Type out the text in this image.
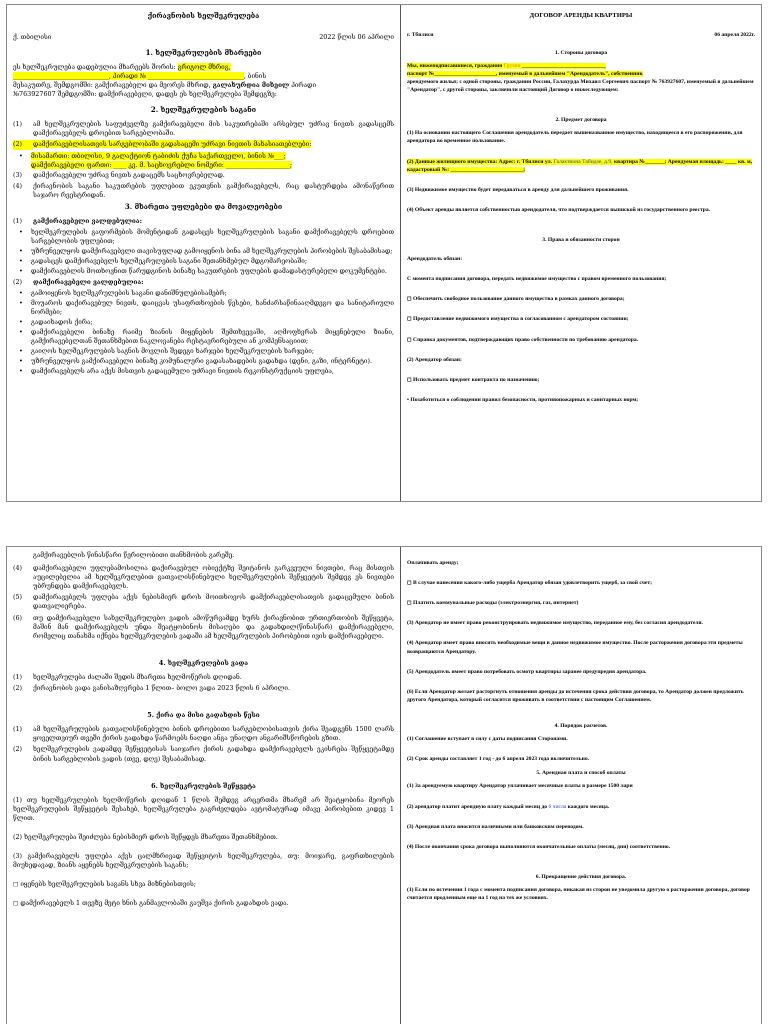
ქირავნობის ხელშეკრულება
ქ. თბილისი	2022 წლის 06 აპრილი
1. ხელშეკრულების მხარეები

ეს ხელშეკრულება დადებულია მხარეებს შორის: გრიგოლ მხრიგ,
______________________________, პირადი № ______________________________, ბინის
მესაკუთრე, შემდგომში: გამქირავებელი და მეორეს მხრიდ, გალახურდია მიხეილ პირადი
№763927607 შემდგომში: დამქირავებელი, დადეს ეს ხელშეკრულება შემდეგზე:

2. ხელშეკრულების საგანი
(1)	ამ ხელშეკრულების საფუძველზე გამქირავებელი მის საკუთრებაში არსებულ უძრავ ნივთს გადასცემს დამქირავებელს დროებით სარგებლობაში.
(2)	დამქირავებლისათვის სარგებლობაში გადასაცემი უძრავი ნივთის მახასიათებლები:
•	მისამართი: თბილისი, 9 გალაქტიონ ტაბიძის ქუჩა საქართველო, ბინის №___;
დამქირავებელი ფართი: ____ კვ. მ. საცხოვრებლი ნომერი: ____________________;
(3)	დამქირავებელი უძრავ ნივთს გადაცემს საცხოვრებელად.
(4)	ქირავნობის საგანი საკუთრების უფლებით ეკუთვნის გამქირავებელს, რაც დასტურდება ამონაწერით საჯარო რეესტრიდან.
3. მხარეთა უფლებები და მოვალეობები
(1)	გამქირავებელი ვალდებულია:
•	ხელშეკრულების გაფორმების მომენტიდან გადასცეს ხელშეკრულების საგანი დამქირავებელს დროებით სარგებლობის უფლებით;
•	უზრუნველყოს დამქირავებელი თავისუფლად გამოიყენოს ბინა ამ ხელშეკრულების პირობების შესაბამისად;
•	გადასცეს დამქირავებელს ხელშეკრულების საგანი შეთანხმებულ მდგომარეობაში;
•	დამქირავებლის მოთხოვნით წარუდგინოს ბინაზე საკუთრების უფლების დამადასტურებელი დოკუმენტები.
(2)	დამქირავებელი ვალდებულია:
•	გამოიყენოს ხელშეკრულების საგანი დანიშნულებისამებრ;
•	მოუაროს დაქირავებულ ნივთს, დაიცვას უსაფრთხოების წესები, ხანძარსაწინააღმდეგო და სანიტარიული ნორმები;
•	გადაიხადოს ქირა;
•	დამქირავებელი ბინაზე რაიმე ზიანის მიყენების შემთხვევაში, აღმოფხვრას მიყენებული ზიანი, გამქირავებელთან შეთანხმებით ნაკლოვანება რესტავრირებული ან კომპენსაციით;
•	გაიღოს ხელშეკრულების საგნის მოვლის შედეგი ხარჯები ხელშეკრულების ხარჯები;
•	უზრუნველყოს გამქირავებელი ბინაზე კომუნალური გადასახადების გადახდა (დენი, გაზი, ინტერნეტი).
•	დამქირავებელს არა აქვს მისთვის გადაცემული უძრავი ნივთის რეკონსტრუქციის უფლება,
ДОГОВОР АРЕНДЫ КВАРТИРЫ
г. Тбилиси	06 апреля 2022г.
1. Стороны договора

Мы, нижеподписавшиеся, гражданин Грузии ______________________________
паспорт №______________________, именуемый в дальнейшем "Арендодатель", собственник
арендуемого жилья; с одной стороны, гражданин России, Галахурда Михаил Сергеевич паспорт № 763927607, именуемый в дальнейшем "Арендатор", с другой стороны, заключили настоящий Договор о нижеследующем:

2. Предмет договора

(1) На основании настоящего Соглашения арендодатель передает вышеназванное имущество, находящееся в его распоряжении, для арендатора во временное пользование.

(2) Данные жилищного имущества: Адрес: г. Тбилиси ул. Галактиона Табидзе, д.9, квартира №_______; Арендуемая площадь: ____ кв. м, кадастровый №: __________________________;

(3) Недвижимое имущество будет передаваться в аренду для дальнейшего проживания.

(4) Объект аренды является собственностью арендодателя, что подтверждается выпиской из государственного реестра.

3. Права и обязанности сторон

Арендодатель обязан:

С момента подписания договора, передать недвижимое имущество с правом временного пользования;

◻ Обеспечить свободное пользование данного имущества в рамках данного договора;

◻ Предоставление недвижимого имущества в согласованном с арендатором состоянии;

◻ Справка документов, подтверждающих право собственности по требованию арендатора.

(2) Арендатор обязан:

◻ Использовать предмет контракта по назначению;

• Позаботиться о соблюдении правил безопасности, противопожарных и санитарных норм;

გამქირავებლის წინასწარი წერილობითი თანხმობის გარეშე.

(4)	დამქირავებელი უფლებამოსილია დაქირავებულ ობიექტზე შეიტანოს გარკვეული ნივთები, რაც მისთვის აუცილებელია ამ ხელშეკრულებით გათვალისწინებული ხელშეკრულების შეწყვეტის შემდეგ ეს ნივთები უბრუნდება დამქირავებელს.
(5)	დამქირავებელს უფლება აქვს ნებისმიერ დროს მოითხოვოს დამქირავებლისათვის გადაცემული ბინის დათვალიერება.
(6)	თუ დამქირავებელი სახელშეკრულებო ვადის ამოწურვამდე ხურს ქირავნობით ურთიერთობის შეწყვეტა, მაშინ მან დამქირავებელს უნდა შეატყობინოს მისაღები და გადახდილ(წინასწარ) დამქირავებელი, რომელიც თანახმა იქნება ხელშეკრულების ვადაში ამ ხელშეკრულების პირობებით ივის დამქირავებელი.
4. ხელშეკრულების ვადა
(1)	ხელშეკრულება ძალაში შედის მხარეთა ხელმოწერის დღიდან.
(2)	ქირავნობის ვადა განისაზღვრება 1 წლით– ბოლო ვადა 2023 წლის 6 აპრილი.
5. ქირა და მისი გადახდის წესი
(1)	ამ ხელშეკრულების გათვალისწინებული ბინის დროებითი სარგებლობისათვის ქირა შეადგენს 1500 ლარს ყოველთვიურ თვეში ქირის გადახდა წარმოებს ნაღდი ანგა უნაღდო ანგარიშსწორების გზით.
(2)	ხელშეკრულების ვადამდე შეწყვეტისას საიჯარო ქირის გადახდა დამქირავებელს ეკისრება შეწყვეტამდე ბინის სარგებლობის ვადის (თვე, დღე) შესაბამისად.
6. ხელშეკრულების შეწყვეტა

(1) თუ ხელშეკრულების ხელმოწერის დღიდან 1 წლის შემდეგ არცერთმა მხარემ არ შეატყობინა მეორეს ხელშეკრულების შეწყვეტის შესახებ, ხელშეკრულება გაგრძელდება ავტომატურად იმავე პირობებით კიდევ 1 წლით.

(2) ხელშეკრულება შეიძლება ნებისმიერ დროს შეწყდეს მხარეთა შეთანხმებით.

(3) გამქირავებელს უფლება აქვს ცალმხრივად შეწყვიტოს ხელშეკრულება, თუ: მოიჯარე, გაფრთხილების მიუხედავად, ზიანს აყენებს ხელშეკრულების საგანს;

◻ იყენებს ხელშეკრულების საგანს სხვა მიზნებისთვის;

◻ დამქირავებელს 1 თვეზე მეტი ხნის განმავლობაში გაუშვა ქირის გადახდის ვადა.

Оплачивать аренду;

◻ В случае нанесения какого-либо ущерба Арендатор обязан удовлетворить ущерб, за свой счет;

◻ Платить коммунальные расходы (электроэнергия, газ, интернет)

(3) Арендатор не имеет право реконструировать недвижимое имущество, переданное ему, без согласия арендодателя.

(4) Арендатор имеет право вносить необходимые вещи в данное недвижимое имущество. После расторжения договора эти предметы возвращаются Арендатору.

(5) Арендодатель имеет право потребовать осмотр квартиры заранее предупредив арендатора.

(6) Если Арендатор желает расторгнуть отношения аренды до истечения срока действия договора, то Арендатор должен предложить другого Арендатора, который согласится проживать в соответствии с настоящим Соглашением.

4. Порядок расчетов.

(1) Соглашение вступает в силу с даты подписания Сторонами.

(2) Срок аренды составляет 1 год - до 6 апреля 2023 года включительно.

5. Арендная плата и способ оплаты

(1) За арендуемую квартиру Арендатор уплачивает месячные платы в размере 1500 лари

(2) арендатор платит арендную плату каждый месяц до 6 числа каждого месяца.

(3) Арендная плата вносится наличными или банковским переводом.

(4) После окончания срока договора выполняются окончательные оплаты (месяц, дни) соответственно.

6. Прекращение действия договора.

(1) Если по истечении 1 года с момента подписания договора, никакая из сторон не уведомила другую о расторжении договора, договор считается продленным еще на 1 год на тех же условиях.
